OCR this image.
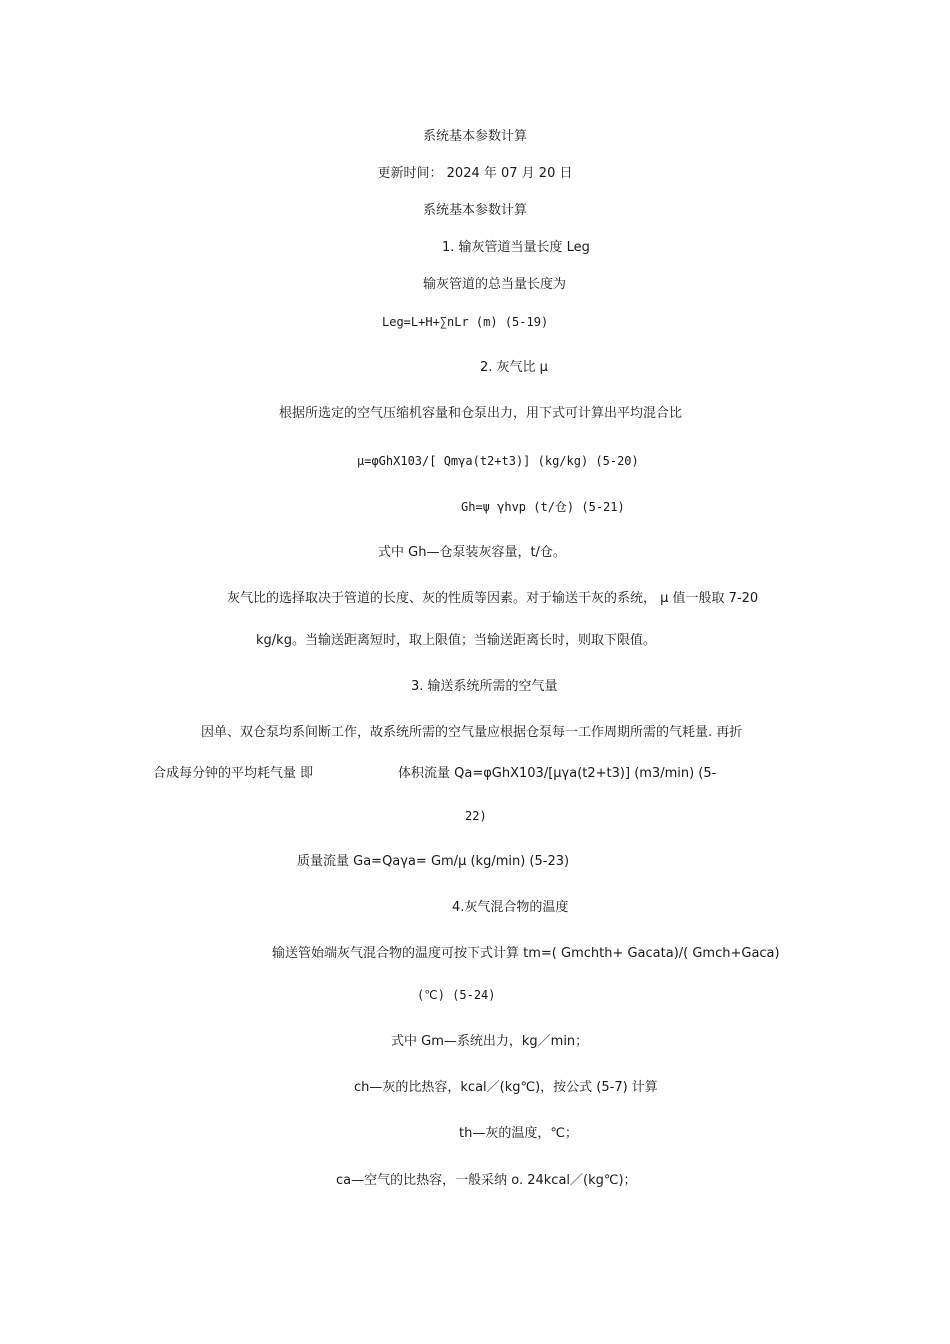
系统基本参数计算
更新时间： 2024 年 07 月 20 日
系统基本参数计算
1. 输灰管道当量长度 Leg
输灰管道的总当量长度为
Leg=L+H+∑nLr (m) (5-19)
2. 灰气比 μ
根据所选定的空气压缩机容量和仓泵出力，用下式可计算出平均混合比
μ=φGhX103/[ Qmγa(t2+t3)] (kg/kg) (5-20)
Gh=ψ γhvp (t/仓) (5-21)
式中 Gh—仓泵装灰容量，t/仓。
灰气比的选择取决于管道的长度、灰的性质等因素。对于输送干灰的系统， μ 值一般取 7-20
kg/kg。当输送距离短时，取上限值；当输送距离长时，则取下限值。
3. 输送系统所需的空气量
因单、双仓泵均系间断工作，故系统所需的空气量应根据仓泵每一工作周期所需的气耗量. 再折
合成每分钟的平均耗气量 即	体积流量 Qa=φGhX103/[μγa(t2+t3)] (m3/min) (5-
22)
质量流量 Ga=Qaγa= Gm/μ (kg/min) (5-23)
4.灰气混合物的温度
输送管始端灰气混合物的温度可按下式计算 tm=( Gmchth+ Gacata)/( Gmch+Gaca)
(℃) (5-24)
式中 Gm—系统出力，kg／min；
ch—灰的比热容，kcal／(kg℃)，按公式 (5-7) 计算
th—灰的温度，℃；
ca—空气的比热容，一般采纳 o. 24kcal／(kg℃)；
